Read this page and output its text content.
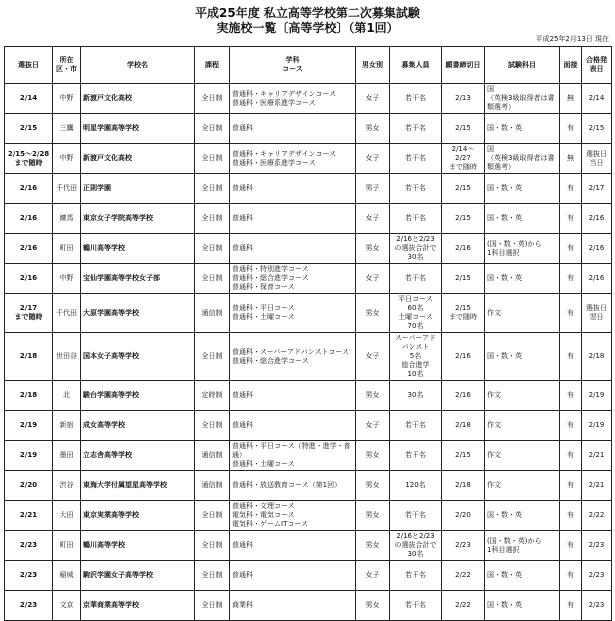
平成25年度 私立高等学校第二次募集試験
実施校一覧〔高等学校〕（第1回）
平成25年2月13日 現在
選抜日	所在
区・市	学校名	課程	学科
コース	男女別	募集人員	願書締切日	試験科目	面接	合格発表日
2/14	中野	新渡戸文化高校	全日制	普通科・キャリアデザインコース
普通科・医療系進学コース	女子	若干名	2/13	国
（英検3級取得者は書類選考）	無	2/14
2/15	三鷹	明星学園高等学校	全日制	普通科	男女	若干名	2/15	国・数・英	有	2/15
2/15～2/28
まで随時	中野	新渡戸文化高校	全日制	普通科・キャリアデザインコース
普通科・医療系進学コース	女子	若干名	2/14～2/27
まで随時	国
（英検3級取得者は書類選考）	無	選抜日当日
2/16	千代田	正則学園	全日制	普通科	男子	若干名	2/15	国・数・英	有	2/17
2/16	練馬	東京女子学院高等学校	全日制	普通科	女子	若干名	2/15	国・数・英	有	2/16
2/16	町田	鶴川高等学校	全日制	普通科	男女	2/16と2/23
の選抜合計で
30名	2/16	(国・数・英)から
1科目選択	有	2/16
2/16	中野	宝仙学園高等学校女子部	全日制	普通科・特別進学コース
普通科・総合進学コース
普通科・保育コース	女子	若干名	2/15	国・数・英	有	2/16
2/17
まで随時	千代田	大原学園高等学校	通信制	普通科・平日コース
普通科・土曜コース	男女	平日コース
60名
土曜コース
70名	2/15
まで随時	作文	有	選抜日翌日
2/18	世田谷	国本女子高等学校	全日制	普通科・スーパーアドバンストコース
普通科・総合進学コース	女子	スーパーアドバンスト
5名
総合進学
10名	2/16	国・数・英	有	2/18
2/18	北	駿台学園高等学校	定時制	普通科	男女	30名	2/16	作文	有	2/19
2/19	新宿	成女高等学校	全日制	普通科	女子	若干名	2/18	作文	有	2/19
2/19	墨田	立志舎高等学校	通信制	普通科・平日コース（特進・進学・普通）
普通科・土曜コース	男女	若干名	2/15	作文	有	2/21
2/20	渋谷	東海大学付属望星高等学校	通信制	普通科・放送教育コース（第1回）	男女	120名	2/18	作文	有	2/21
2/21	大田	東京実業高等学校	全日制	普通科・文理コース
電気科・電気コース
電気科・ゲームITコース	男女	若干名	2/20	国・数・英	有	2/22
2/23	町田	鶴川高等学校	全日制	普通科	男女	2/16と2/23
の選抜合計で
30名	2/23	(国・数・英)から
1科目選択	有	2/23
2/23	稲城	駒沢学園女子高等学校	全日制	普通科	女子	若干名	2/22	国・数・英	有	2/23
2/23	文京	京華商業高等学校	全日制	商業科	男女	若干名	2/22	国・数・英	有	2/23
